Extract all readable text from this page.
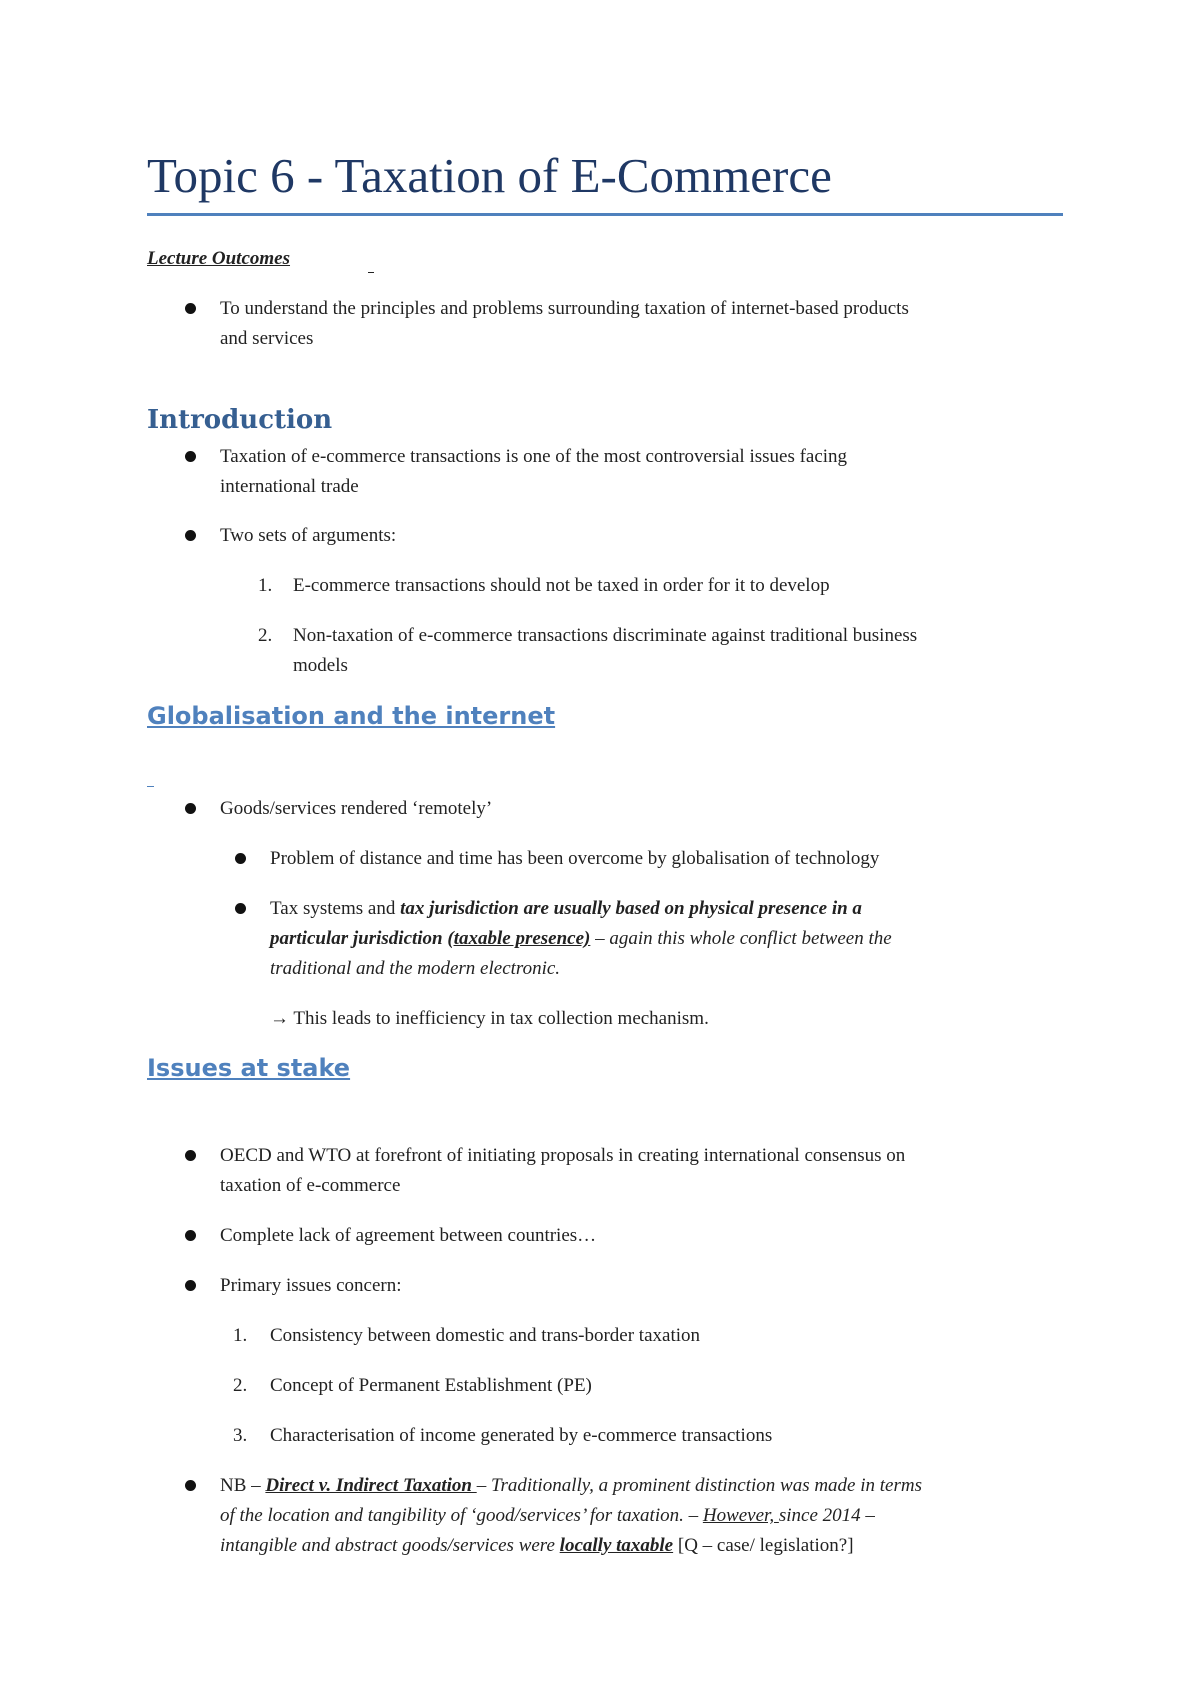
Topic 6 - Taxation of E-Commerce
Lecture Outcomes
To understand the principles and problems surrounding taxation of internet-based products
and services
Introduction
Taxation of e-commerce transactions is one of the most controversial issues facing
international trade
Two sets of arguments:
1. E-commerce transactions should not be taxed in order for it to develop
2. Non-taxation of e-commerce transactions discriminate against traditional business
models
Globalisation and the internet
Goods/services rendered ‘remotely’
Problem of distance and time has been overcome by globalisation of technology
Tax systems and tax jurisdiction are usually based on physical presence in a
particular jurisdiction (taxable presence) – again this whole conflict between the
traditional and the modern electronic.
→ This leads to inefficiency in tax collection mechanism.
Issues at stake
OECD and WTO at forefront of initiating proposals in creating international consensus on
taxation of e-commerce
Complete lack of agreement between countries…
Primary issues concern:
1. Consistency between domestic and trans-border taxation
2. Concept of Permanent Establishment (PE)
3. Characterisation of income generated by e-commerce transactions
NB – Direct v. Indirect Taxation – Traditionally, a prominent distinction was made in terms
of the location and tangibility of ‘good/services’ for taxation. – However, since 2014 –
intangible and abstract goods/services were locally taxable [Q – case/ legislation?]
